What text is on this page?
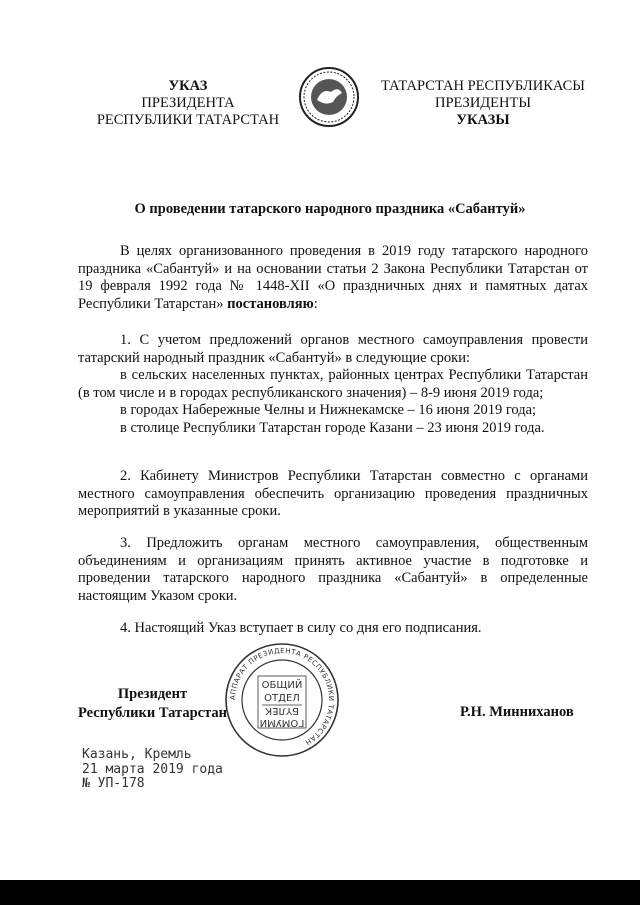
УКАЗ
ПРЕЗИДЕНТА
РЕСПУБЛИКИ ТАТАРСТАН
ТАТАРСТАН РЕСПУБЛИКАСЫ
ПРЕЗИДЕНТЫ
УКАЗЫ
О проведении татарского народного праздника «Сабантуй»

В целях организованного проведения в 2019 году татарского народного праздника «Сабантуй» и на основании статьи 2 Закона Республики Татарстан от 19 февраля 1992 года № 1448-XII «О праздничных днях и памятных датах Республики Татарстан» постановляю:

1. С учетом предложений органов местного самоуправления провести татарский народный праздник «Сабантуй» в следующие сроки:

в сельских населенных пунктах, районных центрах Республики Татарстан (в том числе и в городах республиканского значения) – 8-9 июня 2019 года;

в городах Набережные Челны и Нижнекамске – 16 июня 2019 года;

в столице Республики Татарстан городе Казани – 23 июня 2019 года.

2. Кабинету Министров Республики Татарстан совместно с органами местного самоуправления обеспечить организацию проведения праздничных мероприятий в указанные сроки.

3. Предложить органам местного самоуправления, общественным объединениям и организациям принять активное участие в подготовке и проведении татарского народного праздника «Сабантуй» в определенные настоящим Указом сроки.

4. Настоящий Указ вступает в силу со дня его подписания.

АППАРАТ ПРЕЗИДЕНТА РЕСПУБЛИКИ ТАТАРСТАН
ОБЩИЙ
ОТДЕЛ
БҮЛЕК
ГОМУМИ
Президент
Республики Татарстан	Р.Н. Минниханов
Казань, Кремль
21 марта 2019 года
№ УП-178
